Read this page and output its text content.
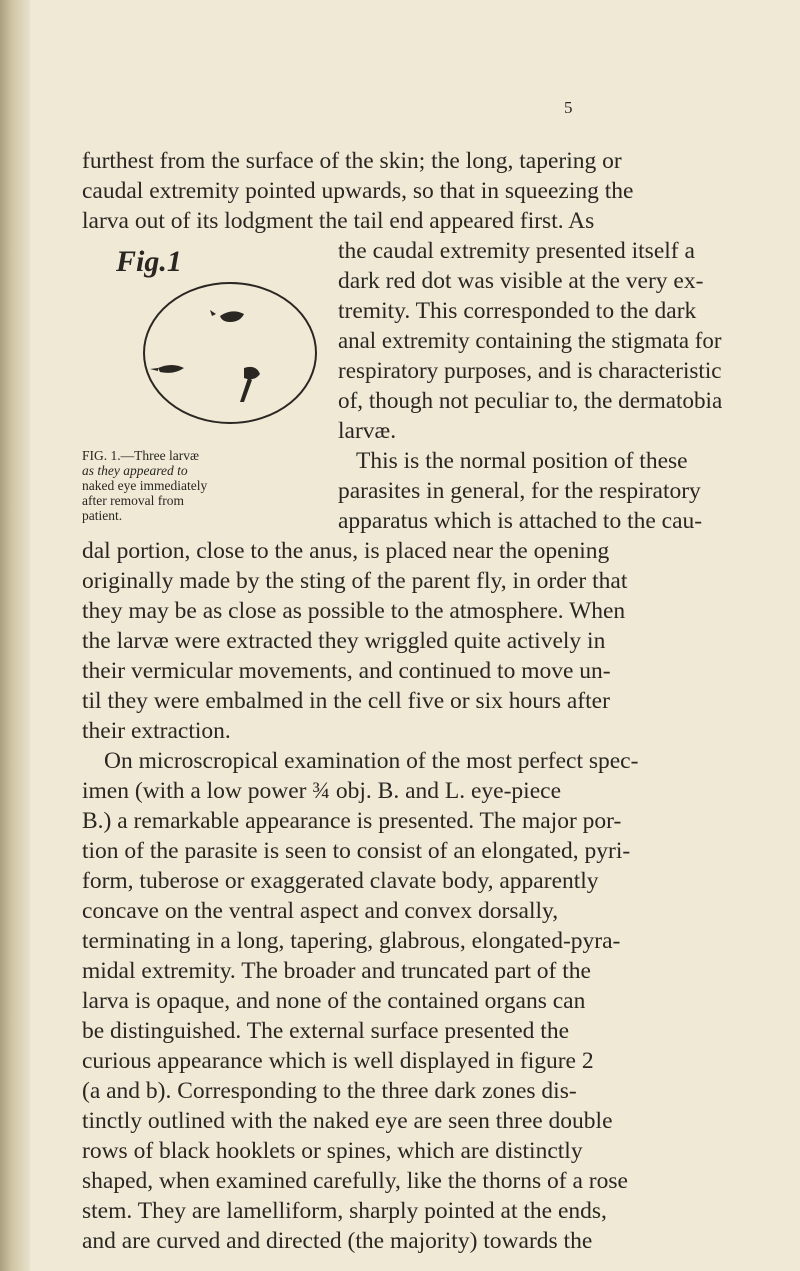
5
Fig.1
FIG. 1.—Three larvæ
as they appeared to
naked eye immediately
after removal from
patient.
furthest from the surface of the skin; the long, tapering or
caudal extremity pointed upwards, so that in squeezing the
larva out of its lodgment the tail end appeared first. As
the caudal extremity presented itself a
dark red dot was visible at the very ex-
tremity. This corresponded to the dark
anal extremity containing the stigmata for
respiratory purposes, and is characteristic
of, though not peculiar to, the dermatobia
larvæ.
This is the normal position of these
parasites in general, for the respiratory
apparatus which is attached to the cau-
dal portion, close to the anus, is placed near the opening
originally made by the sting of the parent fly, in order that
they may be as close as possible to the atmosphere. When
the larvæ were extracted they wriggled quite actively in
their vermicular movements, and continued to move un-
til they were embalmed in the cell five or six hours after
their extraction.
On microscropical examination of the most perfect spec-
imen (with a low power ¾ obj. B. and L. eye-piece
B.) a remarkable appearance is presented. The major por-
tion of the parasite is seen to consist of an elongated, pyri-
form, tuberose or exaggerated clavate body, apparently
concave on the ventral aspect and convex dorsally,
terminating in a long, tapering, glabrous, elongated-pyra-
midal extremity. The broader and truncated part of the
larva is opaque, and none of the contained organs can
be distinguished. The external surface presented the
curious appearance which is well displayed in figure 2
(a and b). Corresponding to the three dark zones dis-
tinctly outlined with the naked eye are seen three double
rows of black hooklets or spines, which are distinctly
shaped, when examined carefully, like the thorns of a rose
stem. They are lamelliform, sharply pointed at the ends,
and are curved and directed (the majority) towards the
